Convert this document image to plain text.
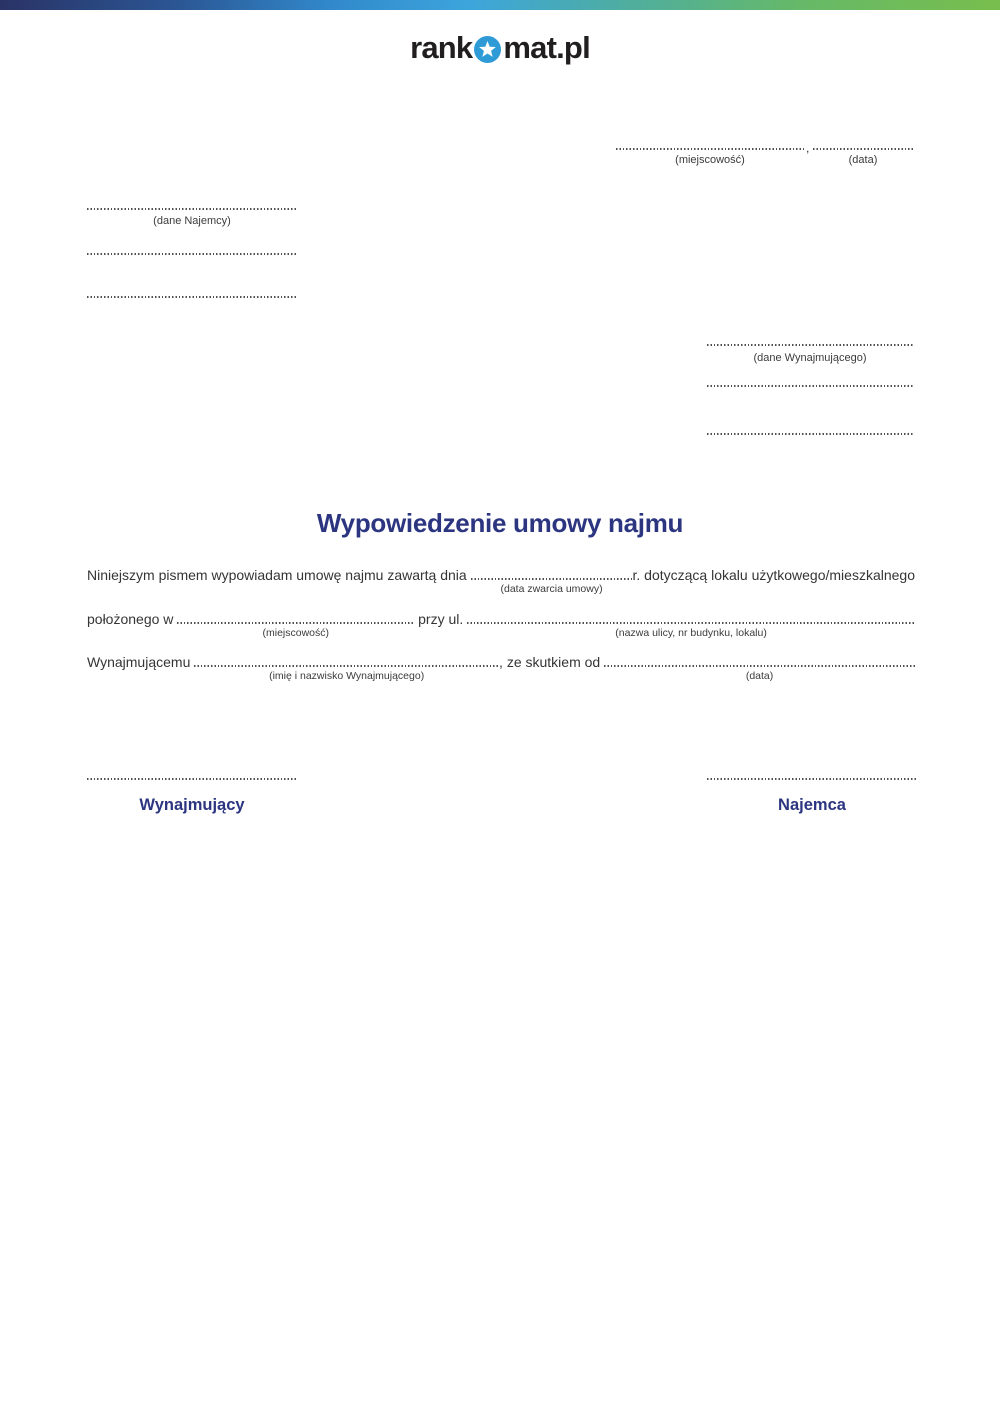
rank mat.pl
,
(miejscowość)	(data)
(dane Najemcy)
(dane Wynajmującego)
Wypowiedzenie umowy najmu
Niniejszym pismem wypowiadam umowę najmu zawartą dnia
(data zwarcia umowy)
r. dotyczącą lokalu użytkowego/mieszkalnego
położonego w
(miejscowość)
przy ul.
(nazwa ulicy, nr budynku, lokalu)
Wynajmującemu
(imię i nazwisko Wynajmującego)
, ze skutkiem od
(data)
Wynajmujący	Najemca
